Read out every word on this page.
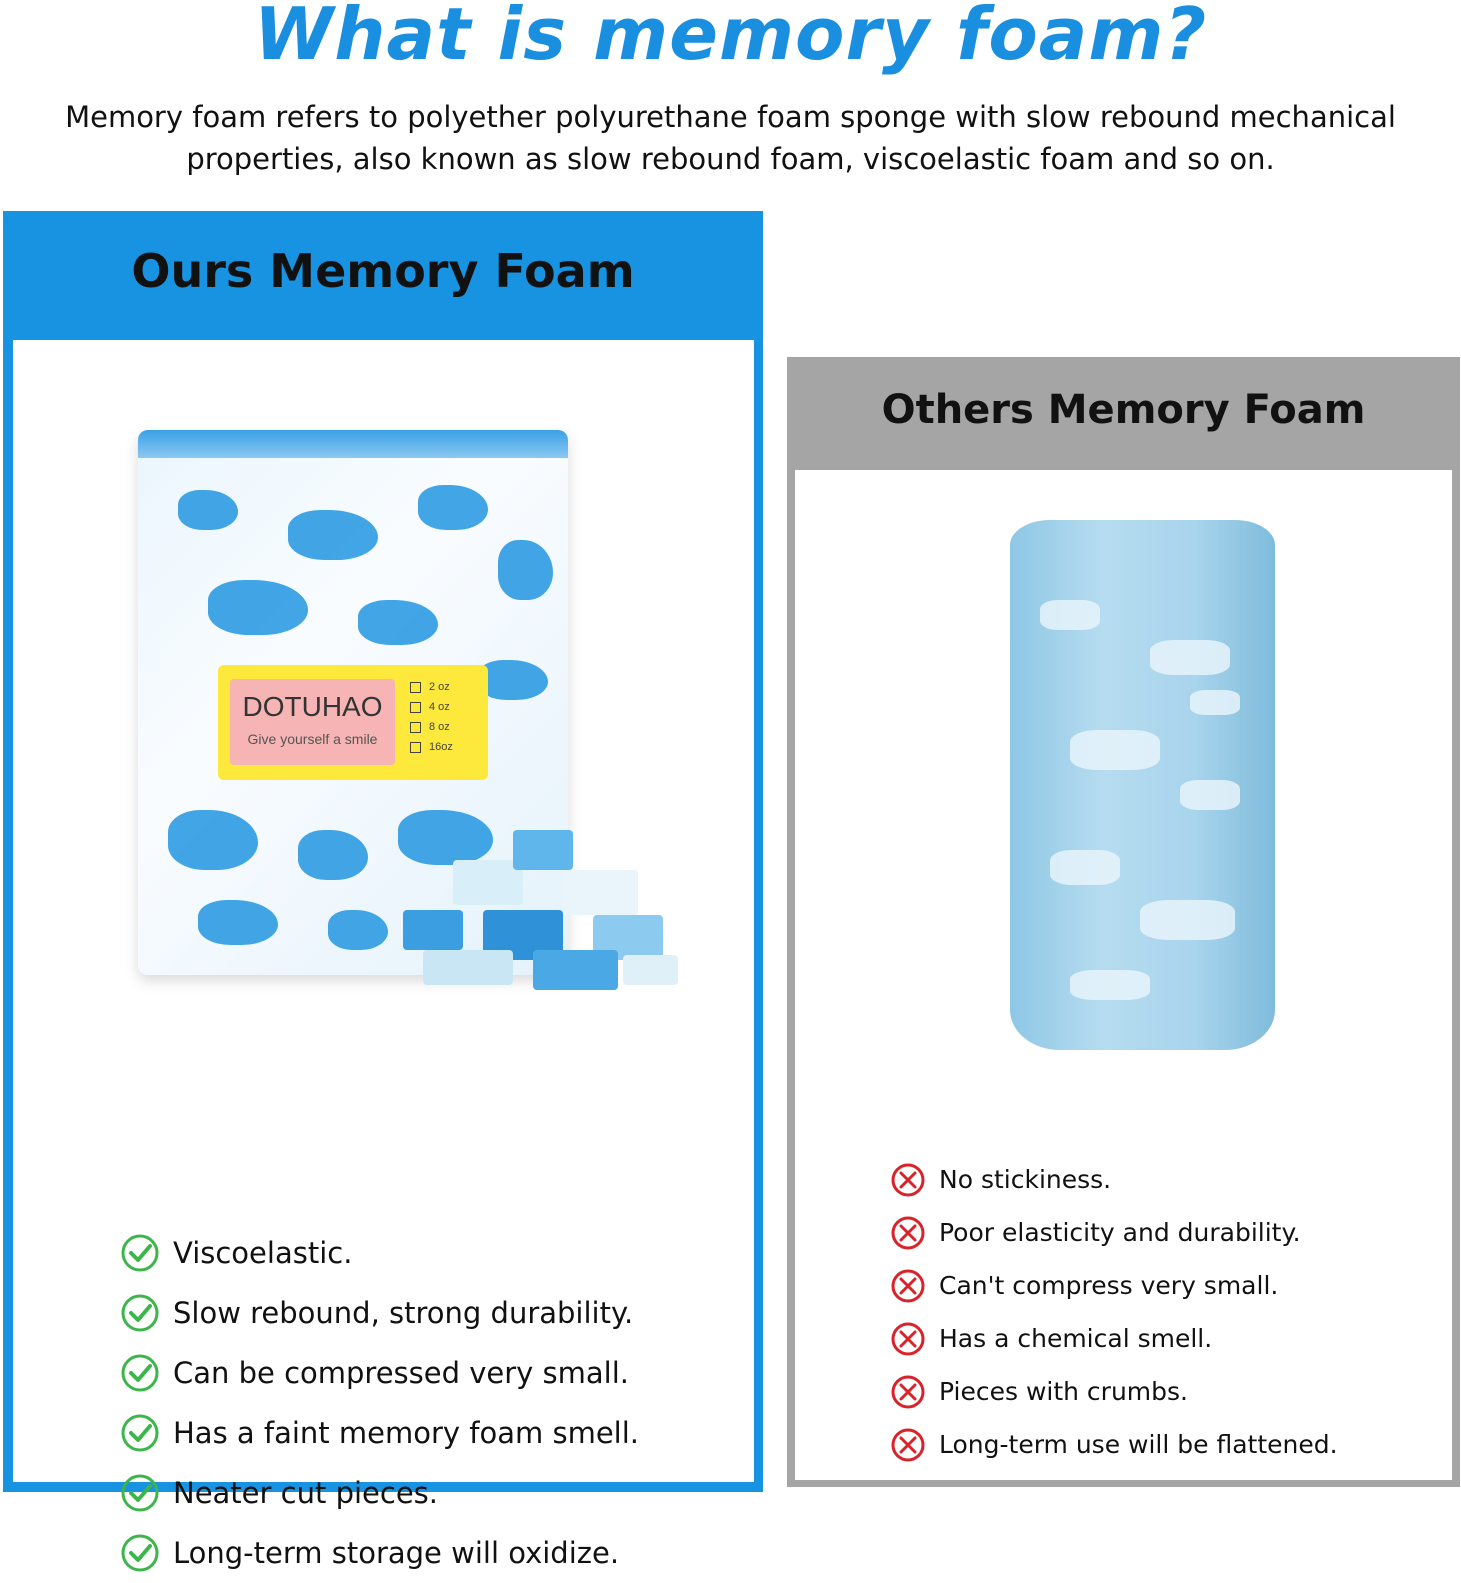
What is memory foam?
Memory foam refers to polyether polyurethane foam sponge with slow rebound mechanical properties, also known as slow rebound foam, viscoelastic foam and so on.
Ours Memory Foam
DOTUHAO
Give yourself a smile
2 oz
4 oz
8 oz
16oz
Viscoelastic.
Slow rebound, strong durability.
Can be compressed very small.
Has a faint memory foam smell.
Neater cut pieces.
Long-term storage will oxidize.
Others Memory Foam
No stickiness.
Poor elasticity and durability.
Can't compress very small.
Has a chemical smell.
Pieces with crumbs.
Long-term use will be flattened.
